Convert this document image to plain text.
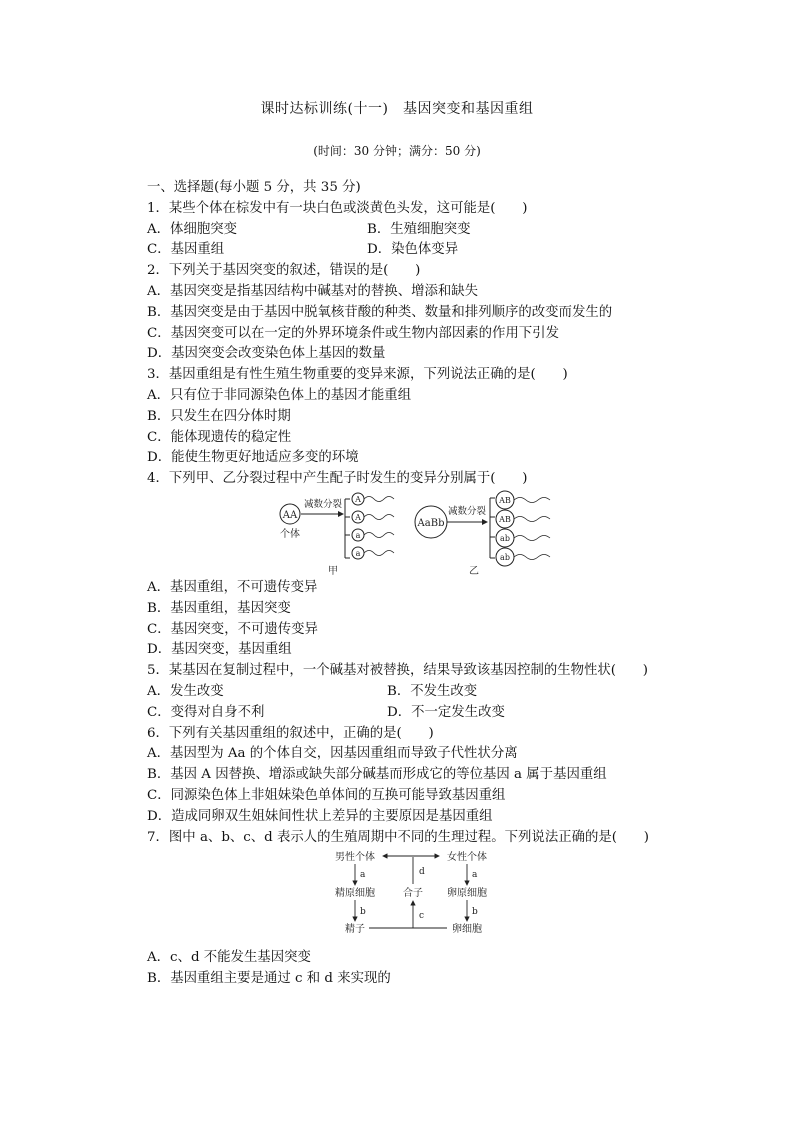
课时达标训练(十一)　基因突变和基因重组
(时间：30 分钟；满分：50 分)
一、选择题(每小题 5 分，共 35 分)
1．某些个体在棕发中有一块白色或淡黄色头发，这可能是(　　)
A．体细胞突变	B．生殖细胞突变
C．基因重组	D．染色体变异
2．下列关于基因突变的叙述，错误的是(　　)
A．基因突变是指基因结构中碱基对的替换、增添和缺失
B．基因突变是由于基因中脱氧核苷酸的种类、数量和排列顺序的改变而发生的
C．基因突变可以在一定的外界环境条件或生物内部因素的作用下引发
D．基因突变会改变染色体上基因的数量
3．基因重组是有性生殖生物重要的变异来源，下列说法正确的是(　　)
A．只有位于非同源染色体上的基因才能重组
B．只发生在四分体时期
C．能体现遗传的稳定性
D．能使生物更好地适应多变的环境
4．下列甲、乙分裂过程中产生配子时发生的变异分别属于(　　)
AA
个体
减数分裂 A
A
a
a
甲
AaBb
减数分裂
AB
AB
ab
ab
乙
A．基因重组，不可遗传变异
B．基因重组，基因突变
C．基因突变，不可遗传变异
D．基因突变，基因重组
5．某基因在复制过程中，一个碱基对被替换，结果导致该基因控制的生物性状(　　)
A．发生改变	B．不发生改变
C．变得对自身不利	D．不一定发生改变
6．下列有关基因重组的叙述中，正确的是(　　)
A．基因型为 Aa 的个体自交，因基因重组而导致子代性状分离
B．基因 A 因替换、增添或缺失部分碱基而形成它的等位基因 a 属于基因重组
C．同源染色体上非姐妹染色单体间的互换可能导致基因重组
D．造成同卵双生姐妹间性状上差异的主要原因是基因重组
7．图中 a、b、c、d 表示人的生殖周期中不同的生理过程。下列说法正确的是(　　)
男性个体	女性个体
精原细胞	合子 卵原细胞
精子	卵细胞
d
a	a
b	b
c
A．c、d 不能发生基因突变
B．基因重组主要是通过 c 和 d 来实现的
